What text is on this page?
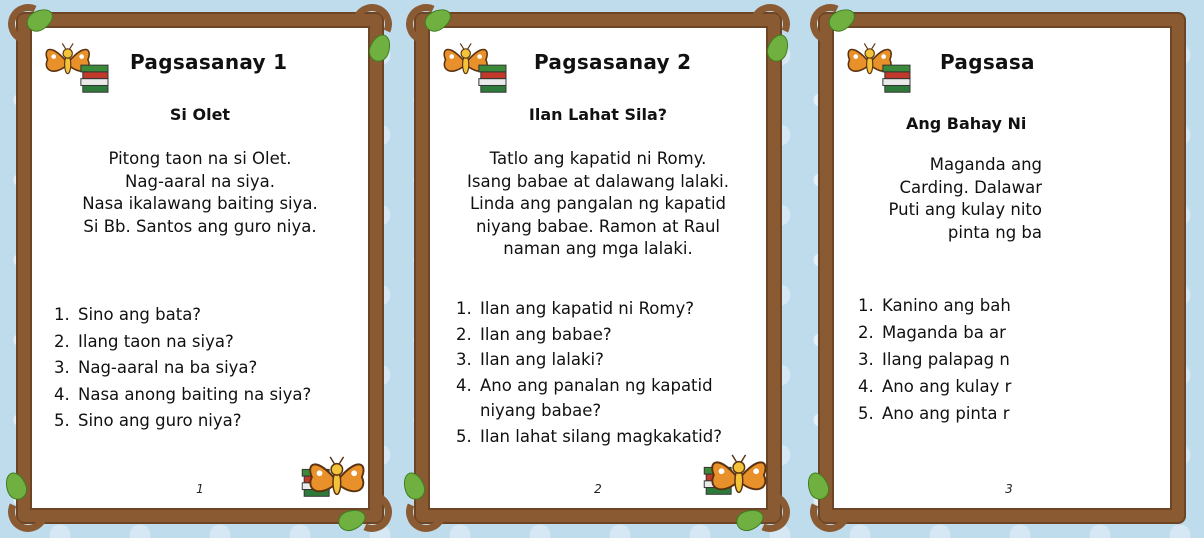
Pagsasanay 1
Si Olet
Pitong taon na si Olet.
Nag-aaral na siya.
Nasa ikalawang baiting siya.
Si Bb. Santos ang guro niya.
1. Sino ang bata?
2. Ilang taon na siya?
3. Nag-aaral na ba siya?
4. Nasa anong baiting na siya?
5. Sino ang guro niya?
1
Pagsasanay 2
Ilan Lahat Sila?
Tatlo ang kapatid ni Romy.
Isang babae at dalawang lalaki.
Linda ang pangalan ng kapatid
niyang babae. Ramon at Raul
naman ang mga lalaki.
1. Ilan ang kapatid ni Romy?
2. Ilan ang babae?
3. Ilan ang lalaki?
4. Ano ang panalan ng kapatid
niyang babae?
5. Ilan lahat silang magkakatid?
2
Pagsasa
Ang Bahay Ni
Maganda ang
Carding. Dalawar
Puti ang kulay nito
pinta ng ba
1. Kanino ang bah
2. Maganda ba ar
3. Ilang palapag n
4. Ano ang kulay r
5. Ano ang pinta r
3
